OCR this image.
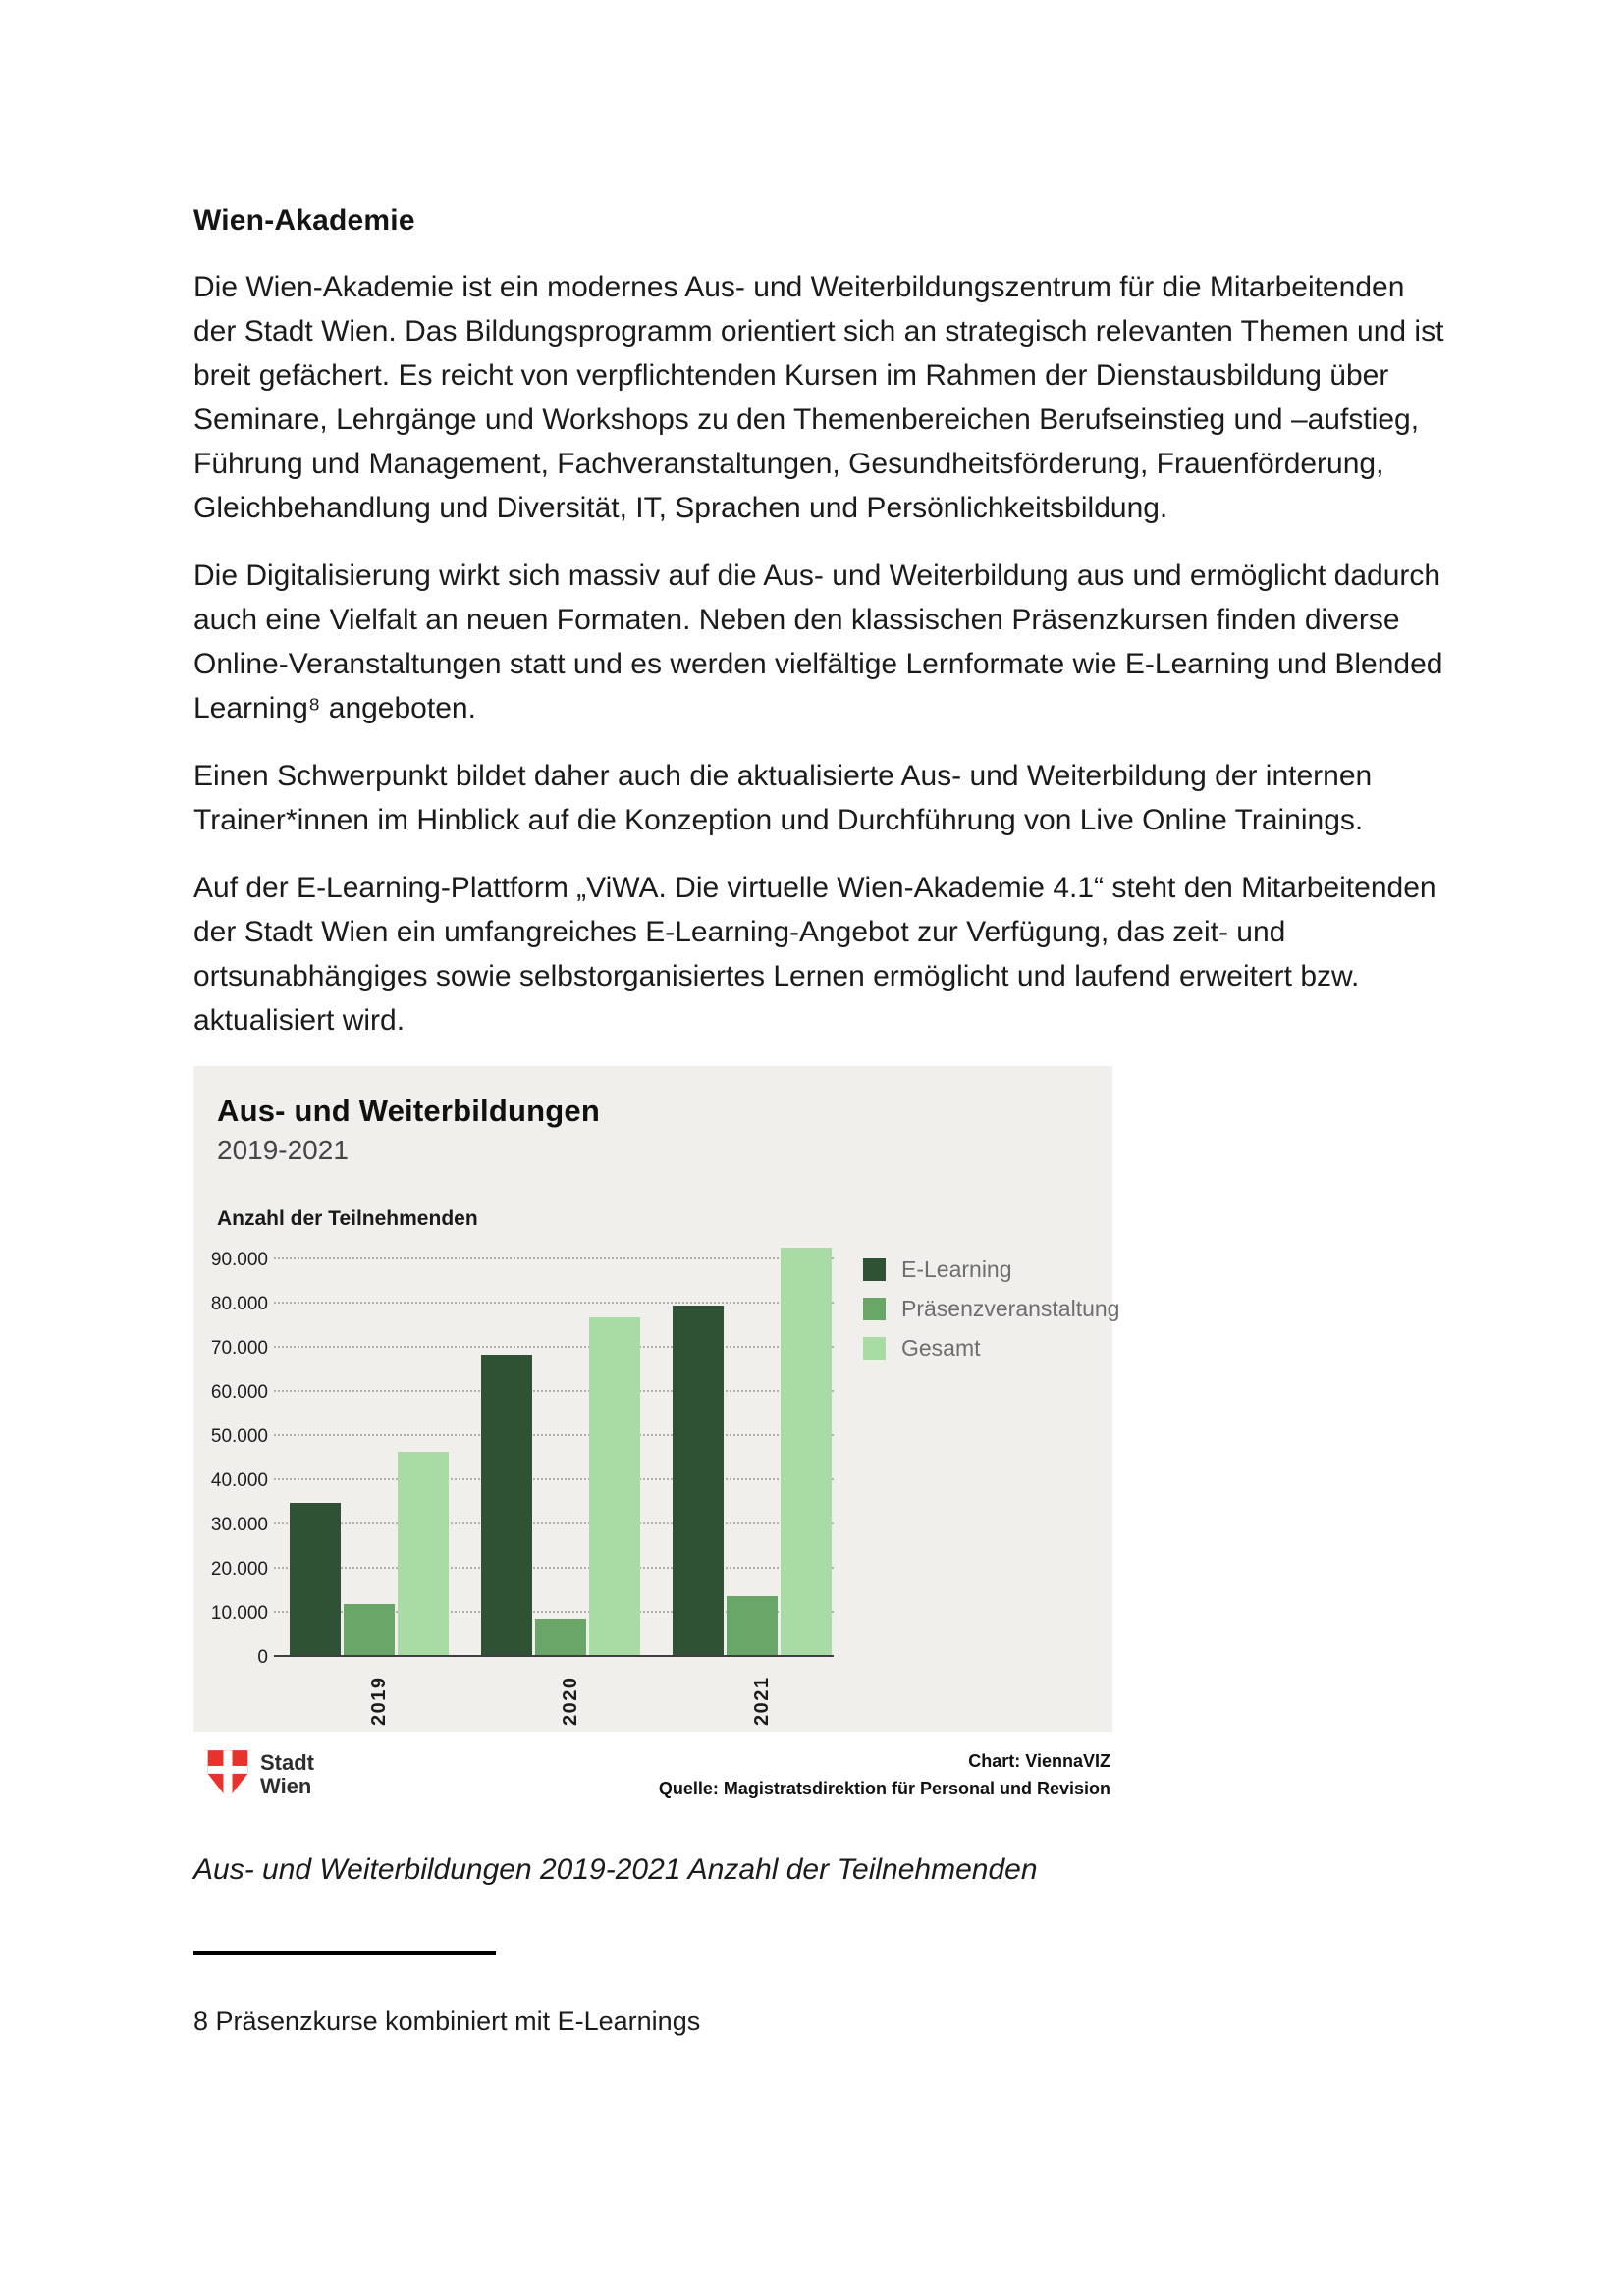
Wien-Akademie

Die Wien-Akademie ist ein modernes Aus- und Weiterbildungszentrum für die Mitarbeitenden der Stadt Wien. Das Bildungsprogramm orientiert sich an strategisch relevanten Themen und ist breit gefächert. Es reicht von verpflichtenden Kursen im Rahmen der Dienstausbildung über Seminare, Lehrgänge und Workshops zu den Themenbereichen Berufseinstieg und –aufstieg, Führung und Management, Fachveranstaltungen, Gesundheitsförderung, Frauenförderung, Gleichbehandlung und Diversität, IT, Sprachen und Persönlichkeitsbildung.

Die Digitalisierung wirkt sich massiv auf die Aus- und Weiterbildung aus und ermöglicht dadurch auch eine Vielfalt an neuen Formaten. Neben den klassischen Präsenzkursen finden diverse Online-Veranstaltungen statt und es werden vielfältige Lernformate wie E-Learning und Blended Learning⁸ angeboten.

Einen Schwerpunkt bildet daher auch die aktualisierte Aus- und Weiterbildung der internen Trainer*innen im Hinblick auf die Konzeption und Durchführung von Live Online Trainings.

Auf der E-Learning-Plattform „ViWA. Die virtuelle Wien-Akademie 4.1“ steht den Mitarbeitenden der Stadt Wien ein umfangreiches E-Learning-Angebot zur Verfügung, das zeit- und ortsunabhängiges sowie selbstorganisiertes Lernen ermöglicht und laufend erweitert bzw. aktualisiert wird.

Aus- und Weiterbildungen
2019-2021
Anzahl der Teilnehmenden
0
10.000
20.000
30.000
40.000
50.000
60.000
70.000
80.000
90.000	E-Learning
Präsenzveranstaltung
Gesamt
2019	2020	2021
Stadt
Wien
Chart: ViennaVIZ
Quelle: Magistratsdirektion für Personal und Revision

Aus- und Weiterbildungen 2019-2021 Anzahl der Teilnehmenden

8 Präsenzkurse kombiniert mit E-Learnings
